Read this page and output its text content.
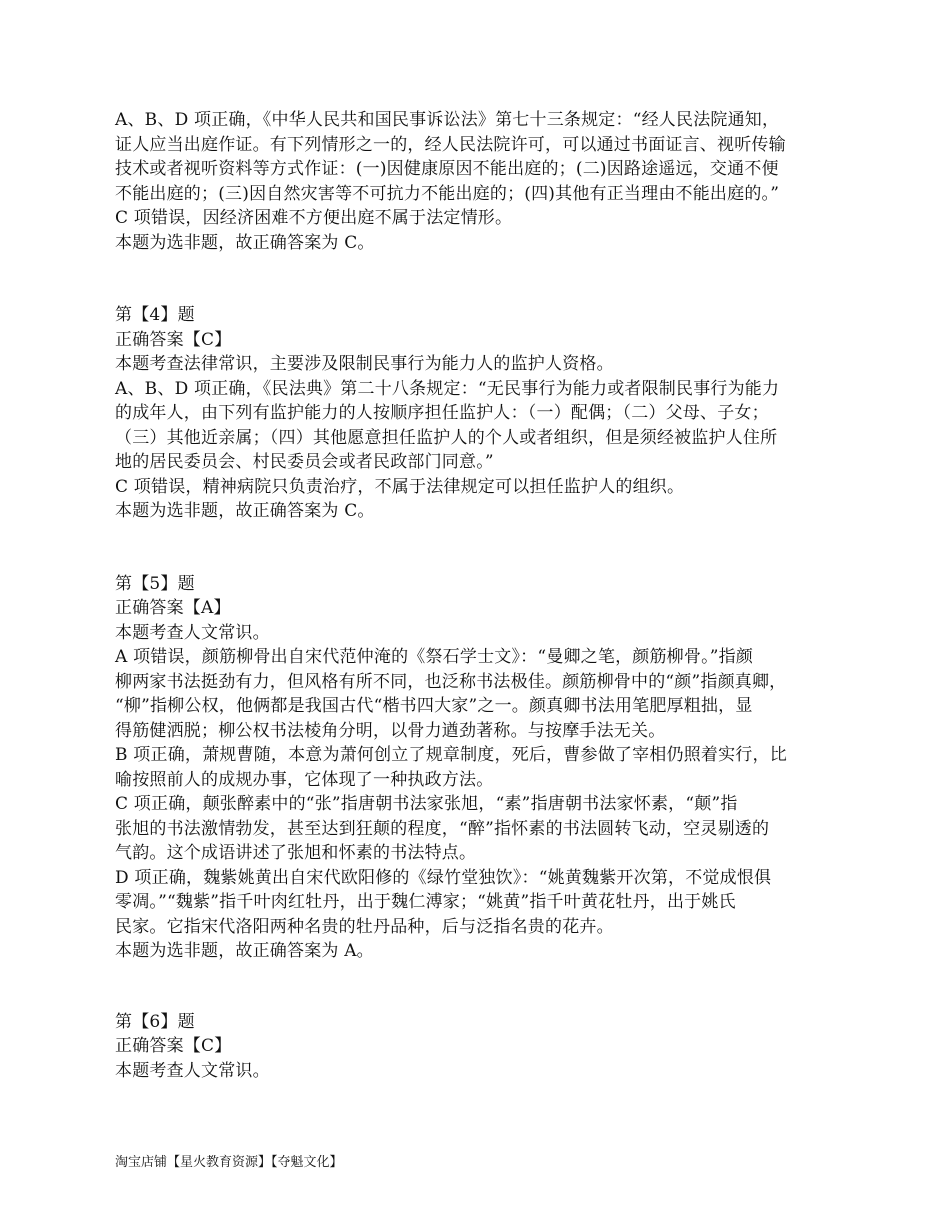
A、B、D 项正确，《中华人民共和国民事诉讼法》第七十三条规定：“经人民法院通知，
证人应当出庭作证。有下列情形之一的，经人民法院许可，可以通过书面证言、视听传输
技术或者视听资料等方式作证：(一)因健康原因不能出庭的；(二)因路途遥远，交通不便
不能出庭的；(三)因自然灾害等不可抗力不能出庭的；(四)其他有正当理由不能出庭的。”
C 项错误，因经济困难不方便出庭不属于法定情形。
本题为选非题，故正确答案为 C。
第【4】题
正确答案【C】
本题考查法律常识，主要涉及限制民事行为能力人的监护人资格。
A、B、D 项正确，《民法典》第二十八条规定：“无民事行为能力或者限制民事行为能力
的成年人，由下列有监护能力的人按顺序担任监护人：（一）配偶；（二）父母、子女；
（三）其他近亲属；（四）其他愿意担任监护人的个人或者组织，但是须经被监护人住所
地的居民委员会、村民委员会或者民政部门同意。”
C 项错误，精神病院只负责治疗，不属于法律规定可以担任监护人的组织。
本题为选非题，故正确答案为 C。
第【5】题
正确答案【A】
本题考查人文常识。
A 项错误，颜筋柳骨出自宋代范仲淹的《祭石学士文》：“曼卿之笔，颜筋柳骨。”指颜
柳两家书法挺劲有力，但风格有所不同，也泛称书法极佳。颜筋柳骨中的“颜”指颜真卿，
“柳”指柳公权，他俩都是我国古代“楷书四大家”之一。颜真卿书法用笔肥厚粗拙，显
得筋健洒脱；柳公权书法棱角分明，以骨力遒劲著称。与按摩手法无关。
B 项正确，萧规曹随，本意为萧何创立了规章制度，死后，曹参做了宰相仍照着实行，比
喻按照前人的成规办事，它体现了一种执政方法。
C 项正确，颠张醉素中的“张”指唐朝书法家张旭，“素”指唐朝书法家怀素，“颠”指
张旭的书法激情勃发，甚至达到狂颠的程度，“醉”指怀素的书法圆转飞动，空灵剔透的
气韵。这个成语讲述了张旭和怀素的书法特点。
D 项正确，魏紫姚黄出自宋代欧阳修的《绿竹堂独饮》：“姚黄魏紫开次第，不觉成恨俱
零凋。”“魏紫”指千叶肉红牡丹，出于魏仁溥家；“姚黄”指千叶黄花牡丹，出于姚氏
民家。它指宋代洛阳两种名贵的牡丹品种，后与泛指名贵的花卉。
本题为选非题，故正确答案为 A。
第【6】题
正确答案【C】
本题考查人文常识。
淘宝店铺【星火教育资源】【夺魁文化】
